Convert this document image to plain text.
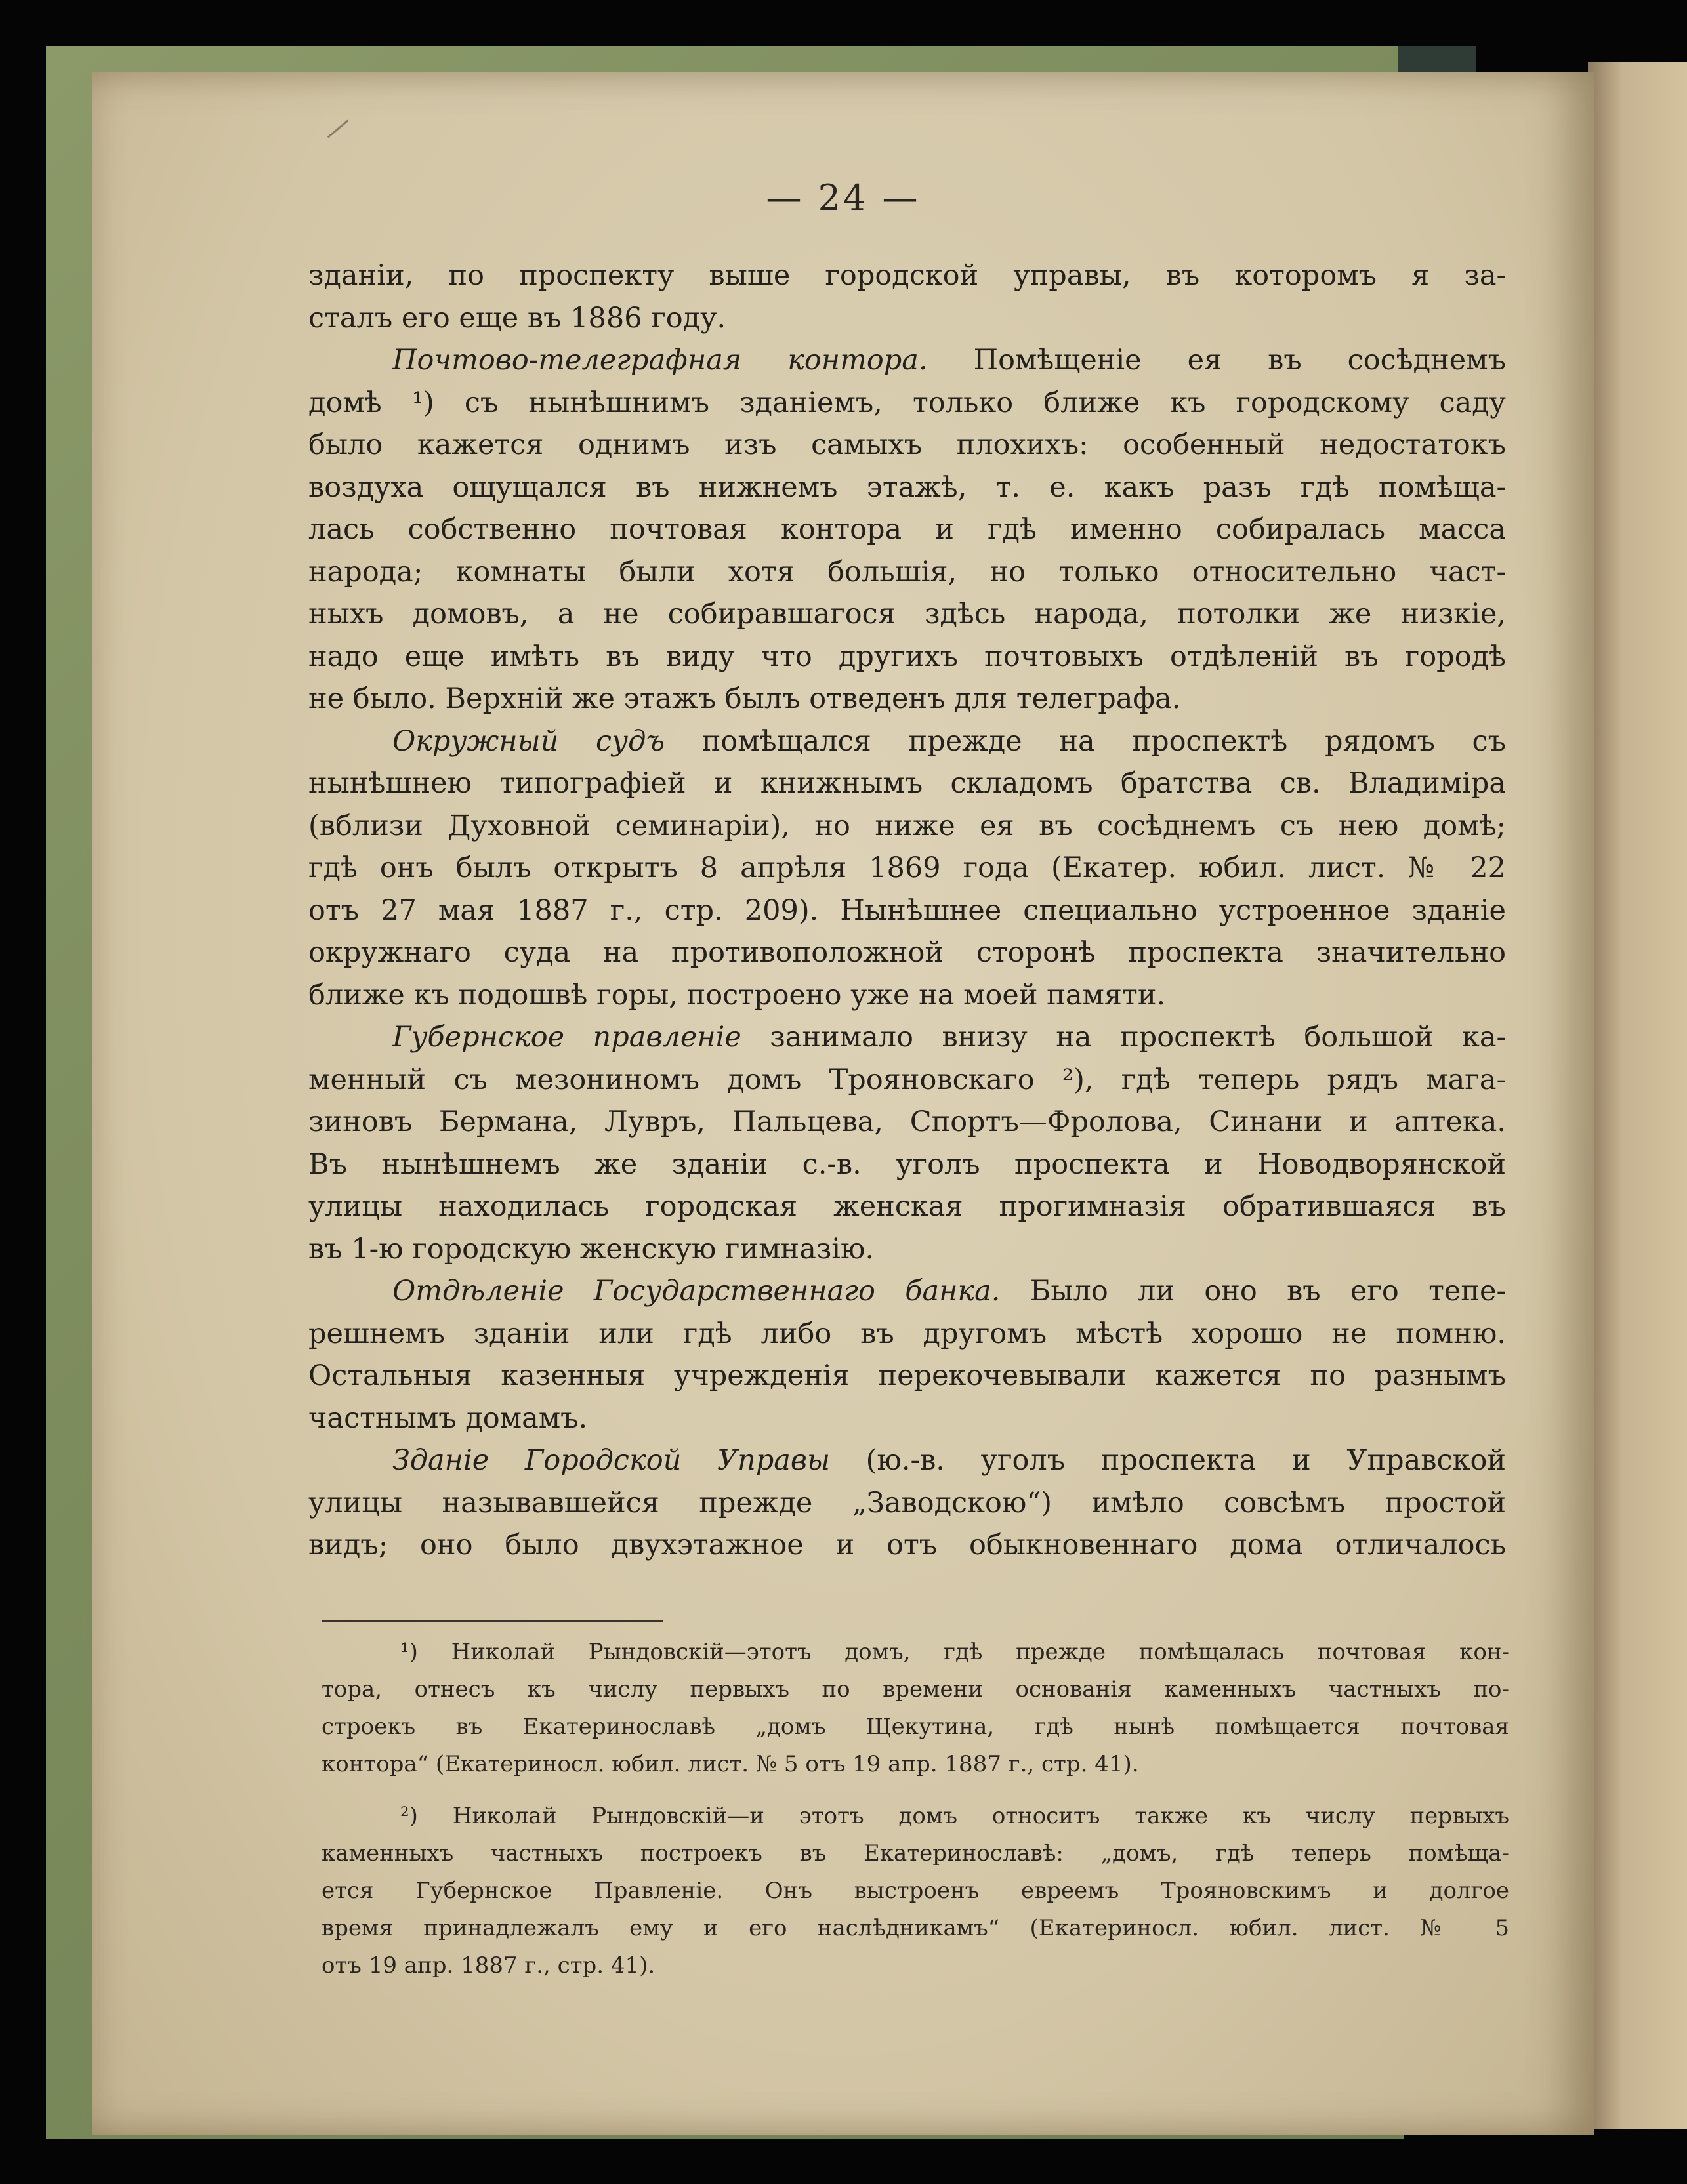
— 24 —
здaнiи, по проспекту выше городской управы, въ которомъ я за-
сталъ его еще въ 1886 году.
Почтово-телеграфная контора. Помѣщеніе ея въ сосѣднемъ
домѣ ¹) съ нынѣшнимъ зданіемъ, только ближе къ городскому саду
было кажется однимъ изъ самыхъ плохихъ: особенный недостатокъ
воздуха ощущался въ нижнемъ этажѣ, т. е. какъ разъ гдѣ помѣща-
лась собственно почтовая контора и гдѣ именно собиралась масса
народа; комнаты были хотя большія, но только относительно част-
ныхъ домовъ, а не собиравшагося здѣсь народа, потолки же низкіе,
надо еще имѣть въ виду что другихъ почтовыхъ отдѣленій въ городѣ
не было. Верхній же этажъ былъ отведенъ для телеграфа.
Окружный судъ помѣщался прежде на проспектѣ рядомъ съ
нынѣшнею типографіей и книжнымъ складомъ братства св. Владиміра
(вблизи Духовной семинаріи), но ниже ея въ сосѣднемъ съ нею домѣ;
гдѣ онъ былъ открытъ 8 апрѣля 1869 года (Екатер. юбил. лист. № 22
отъ 27 мая 1887 г., стр. 209). Нынѣшнее специально устроенное зданіе
окружнаго суда на противоположной сторонѣ проспекта значительно
ближе къ подошвѣ горы, построено уже на моей памяти.
Губернское правленіе занимало внизу на проспектѣ большой ка-
менный съ мезониномъ домъ Трояновскаго ²), гдѣ теперь рядъ мага-
зиновъ Бермана, Лувръ, Пальцева, Спортъ—Фролова, Синани и аптека.
Въ нынѣшнемъ же зданіи с.-в. уголъ проспекта и Новодворянской
улицы находилась городская женская прогимназія обратившаяся въ
въ 1-ю городскую женскую гимназію.
Отдѣленіе Государственнаго банка. Было ли оно въ его тепе-
решнемъ зданіи или гдѣ либо въ другомъ мѣстѣ хорошо не помню.
Остальныя казенныя учрежденія перекочевывали кажется по разнымъ
частнымъ домамъ.
Зданіе Городской Управы (ю.-в. уголъ проспекта и Управской
улицы называвшейся прежде „Заводскою“) имѣло совсѣмъ простой
видъ; оно было двухэтажное и отъ обыкновеннаго дома отличалось
¹) Николай Рындовскій—этотъ домъ, гдѣ прежде помѣщалась почтовая кон-
тора, отнесъ къ числу первыхъ по времени основанія каменныхъ частныхъ по-
строекъ въ Екатеринославѣ „домъ Щекутина, гдѣ нынѣ помѣщается почтовая
контора“ (Екатериносл. юбил. лист. № 5 отъ 19 апр. 1887 г., стр. 41).
²) Николай Рындовскій—и этотъ домъ относитъ также къ числу первыхъ
каменныхъ частныхъ построекъ въ Екатеринославѣ: „домъ, гдѣ теперь помѣща-
ется Губернское Правленіе. Онъ выстроенъ евреемъ Трояновскимъ и долгое
время принадлежалъ ему и его наслѣдникамъ“ (Екатериносл. юбил. лист. № 5
отъ 19 апр. 1887 г., стр. 41).
